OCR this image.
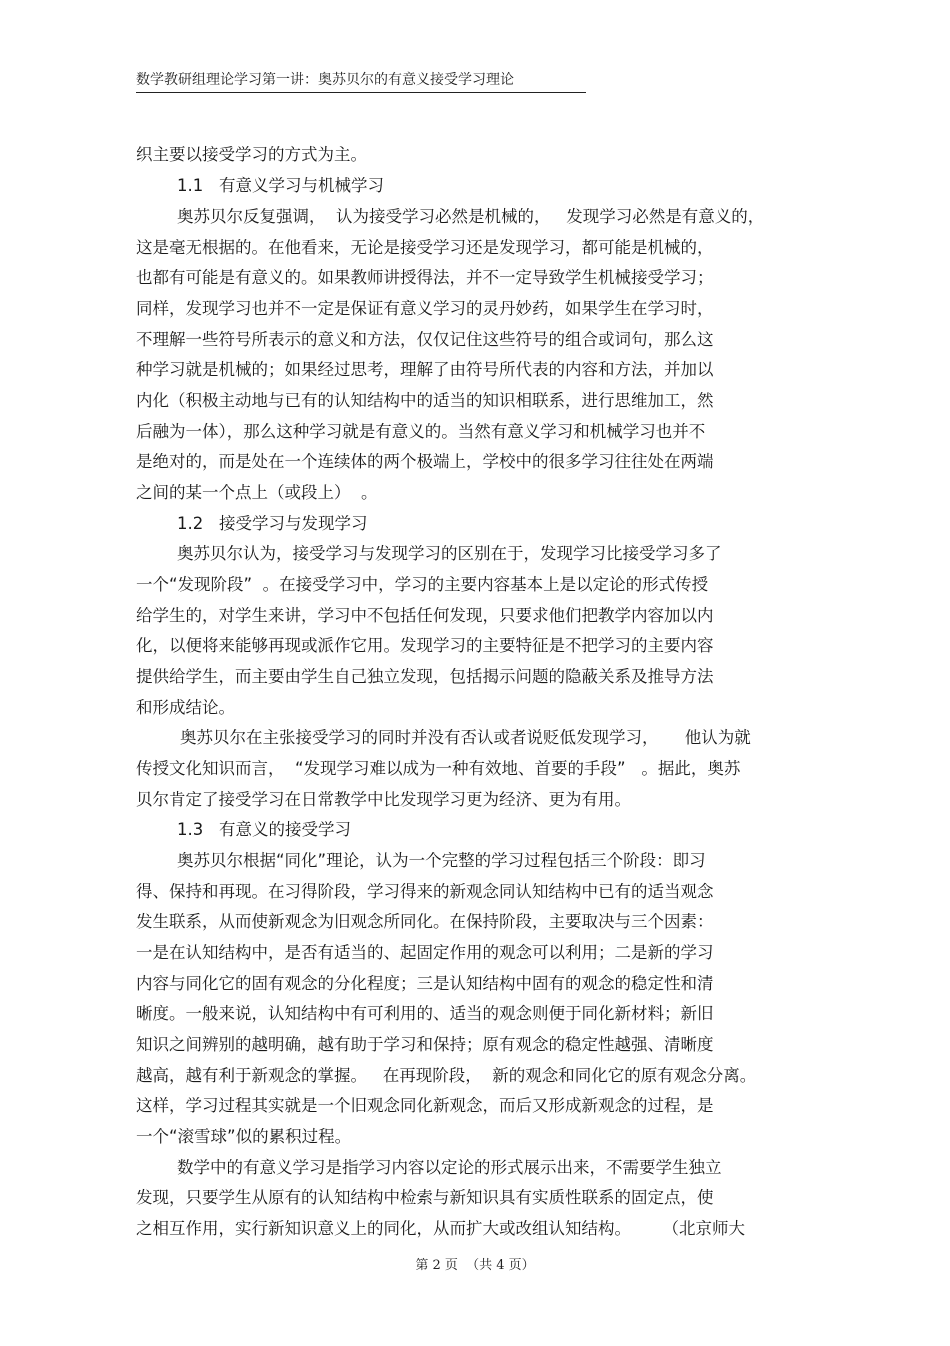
数学教研组理论学习第一讲：奥苏贝尔的有意义接受学习理论
织主要以接受学习的方式为主。
1.1   有意义学习与机械学习
奥苏贝尔反复强调，  认为接受学习必然是机械的，   发现学习必然是有意义的，
这是毫无根据的。在他看来，无论是接受学习还是发现学习，都可能是机械的，
也都有可能是有意义的。如果教师讲授得法，并不一定导致学生机械接受学习；
同样，发现学习也并不一定是保证有意义学习的灵丹妙药，如果学生在学习时，
不理解一些符号所表示的意义和方法，仅仅记住这些符号的组合或词句，那么这
种学习就是机械的；如果经过思考，理解了由符号所代表的内容和方法，并加以
内化（积极主动地与已有的认知结构中的适当的知识相联系，进行思维加工，然
后融为一体），那么这种学习就是有意义的。当然有意义学习和机械学习也并不
是绝对的，而是处在一个连续体的两个极端上，学校中的很多学习往往处在两端
之间的某一个点上（或段上）  。
1.2   接受学习与发现学习
奥苏贝尔认为，接受学习与发现学习的区别在于，发现学习比接受学习多了
一个“发现阶段”  。在接受学习中，学习的主要内容基本上是以定论的形式传授
给学生的，对学生来讲，学习中不包括任何发现，只要求他们把教学内容加以内
化，以便将来能够再现或派作它用。发现学习的主要特征是不把学习的主要内容
提供给学生，而主要由学生自己独立发现，包括揭示问题的隐蔽关系及推导方法
和形成结论。
奥苏贝尔在主张接受学习的同时并没有否认或者说贬低发现学习，     他认为就
传授文化知识而言，  “发现学习难以成为一种有效地、首要的手段”   。据此，奥苏
贝尔肯定了接受学习在日常教学中比发现学习更为经济、更为有用。
1.3   有意义的接受学习
奥苏贝尔根据“同化”理论，认为一个完整的学习过程包括三个阶段：即习
得、保持和再现。在习得阶段，学习得来的新观念同认知结构中已有的适当观念
发生联系，从而使新观念为旧观念所同化。在保持阶段，主要取决与三个因素：
一是在认知结构中，是否有适当的、起固定作用的观念可以利用；二是新的学习
内容与同化它的固有观念的分化程度；三是认知结构中固有的观念的稳定性和清
晰度。一般来说，认知结构中有可利用的、适当的观念则便于同化新材料；新旧
知识之间辨别的越明确，越有助于学习和保持；原有观念的稳定性越强、清晰度
越高，越有利于新观念的掌握。   在再现阶段，  新的观念和同化它的原有观念分离。
这样，学习过程其实就是一个旧观念同化新观念，而后又形成新观念的过程，是
一个“滚雪球”似的累积过程。
数学中的有意义学习是指学习内容以定论的形式展示出来，不需要学生独立
发现，只要学生从原有的认知结构中检索与新知识具有实质性联系的固定点，使
之相互作用，实行新知识意义上的同化，从而扩大或改组认知结构。      （北京师大
第 2 页  （共 4 页）
